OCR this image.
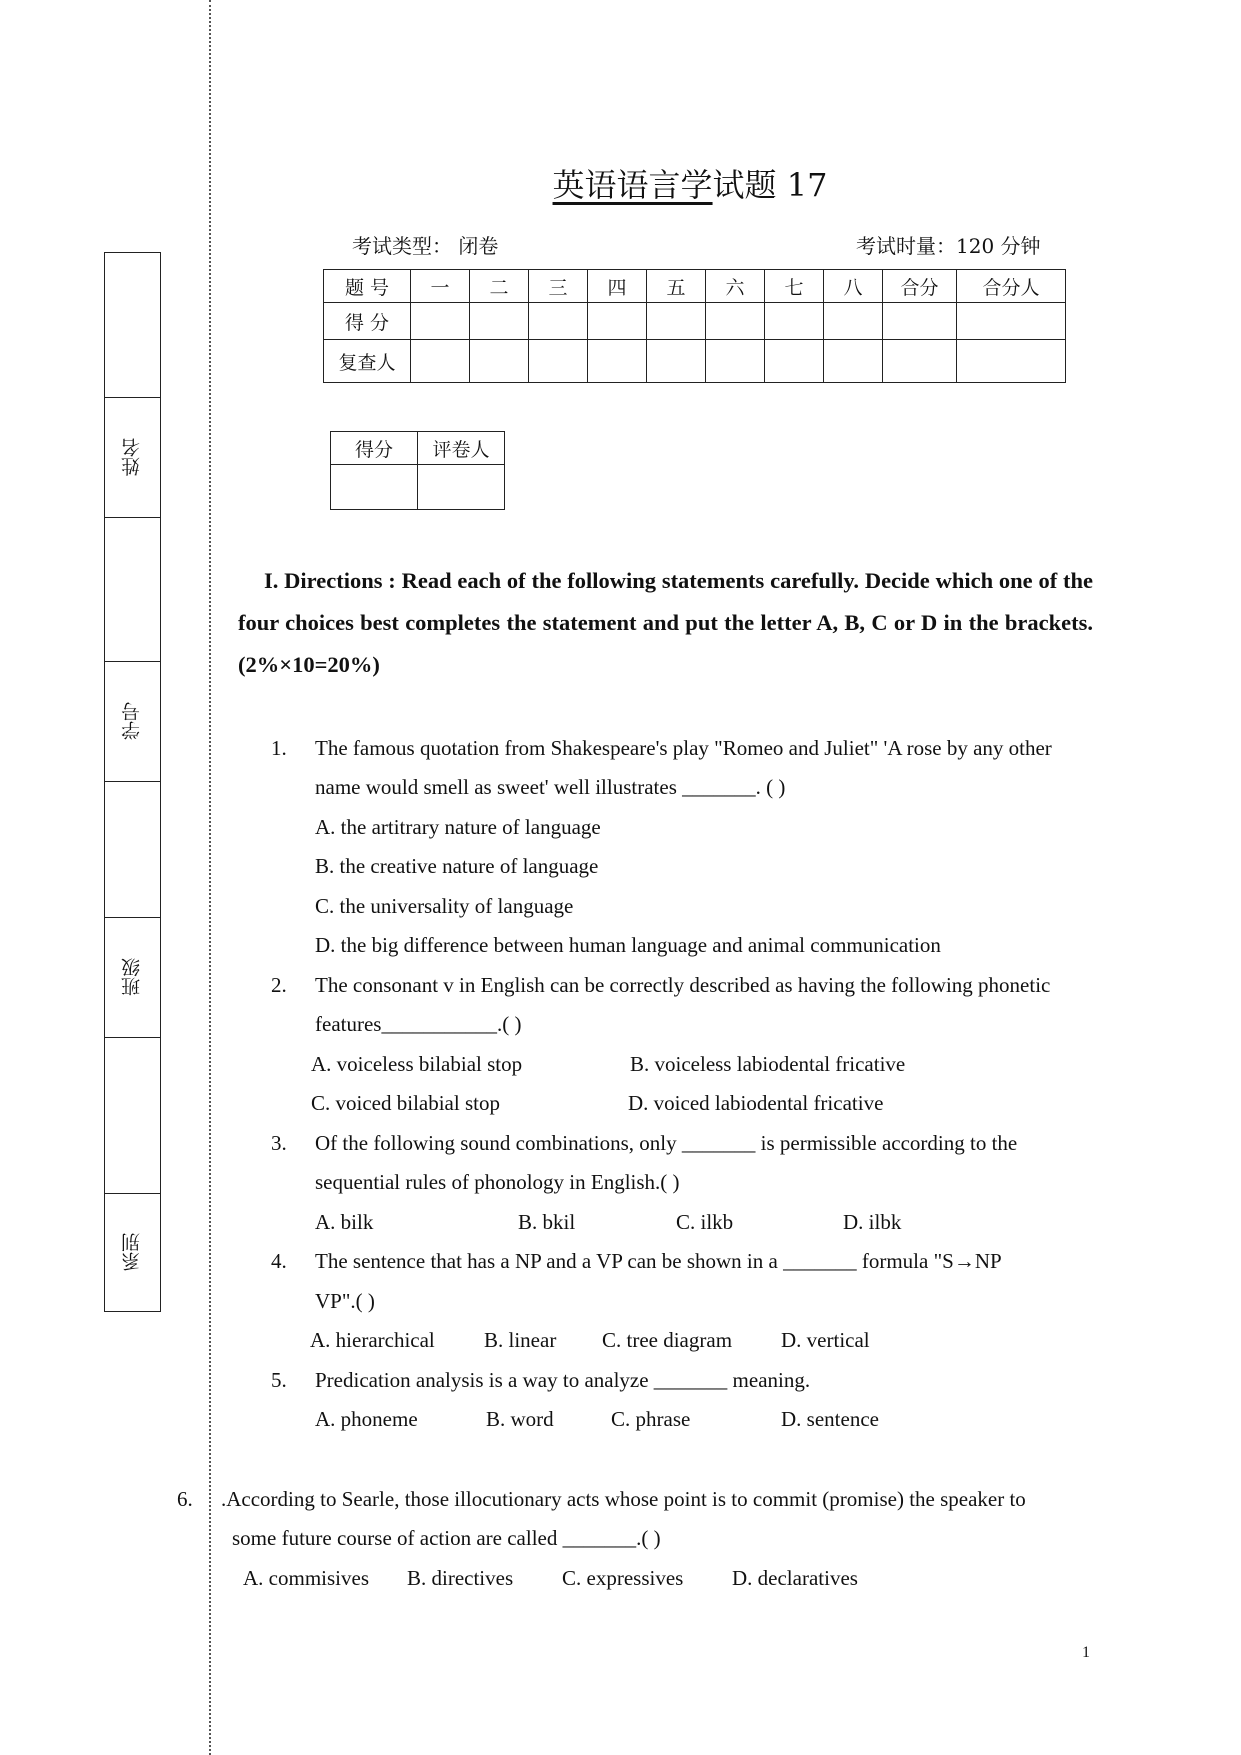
姓名
学号
班级
系别
英语语言学试题 17
考试类型： 闭卷	考试时量：120 分钟
题 号	一	二	三	四	五	六	七	八	合分	合分人
得 分										
复查人										
得分	评卷人

I. Directions : Read each of the following statements carefully. Decide which one of the four choices best completes the statement and put the letter A, B, C or D in the brackets. (2%×10=20%)
1. The famous quotation from Shakespeare's play "Romeo and Juliet" 'A rose by any other
name would smell as sweet' well illustrates _______. ( )
A. the artitrary nature of language
B. the creative nature of language
C. the universality of language
D. the big difference between human language and animal communication
2. The consonant v in English can be correctly described as having the following phonetic
features___________.( )
A. voiceless bilabial stop	B. voiceless labiodental fricative
C. voiced bilabial stop	D. voiced labiodental fricative
3. Of the following sound combinations, only _______ is permissible according to the
sequential rules of phonology in English.( )
A. bilk	B. bkil	C. ilkb	D. ilbk
4. The sentence that has a NP and a VP can be shown in a _______ formula "S→NP
VP".( )
A. hierarchical B. linear C. tree diagram D. vertical
5. Predication analysis is a way to analyze _______ meaning.
A. phoneme	B. word	C. phrase	D. sentence
6. .According to Searle, those illocutionary acts whose point is to commit (promise) the speaker to
some future course of action are called _______.( )
A. commisives B. directives C. expressives D. declaratives
1
